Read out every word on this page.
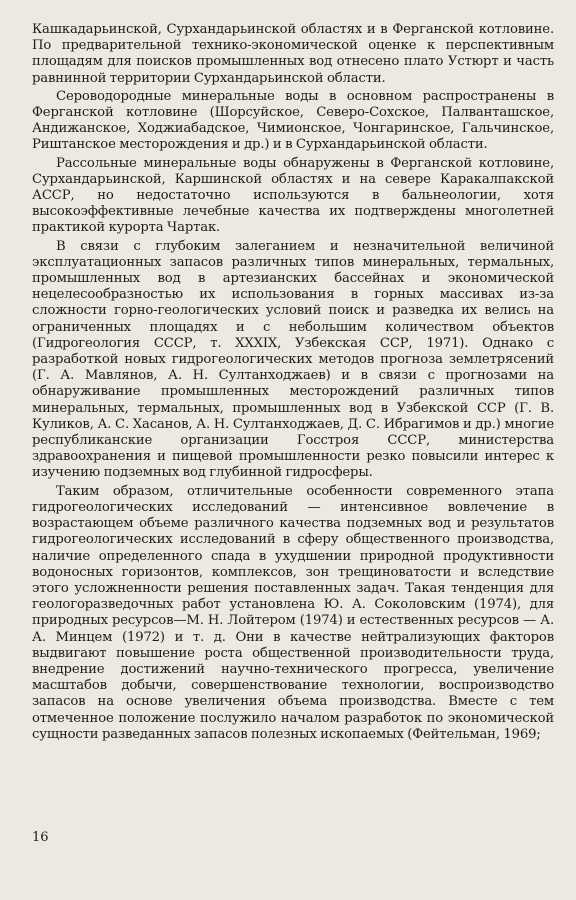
Кашкадарьинской, Сурхандарьинской областях и в Ферганской котловине. По предварительной технико-экономической оценке к перспективным площадям для поисков промышленных вод отнесено плато Устюрт и часть равнинной территории Сурхандарьинской области.

Сероводородные минеральные воды в основном распространены в Ферганской котловине (Шорсуйское, Северо-Сохское, Палванташское, Андижанское, Ходжиабадское, Чимионское, Чонгаринское, Гальчинское, Риштанское месторождения и др.) и в Сурхандарьинской области.

Рассольные минеральные воды обнаружены в Ферганской котловине, Сурхандарьинской, Каршинской областях и на севере Каракалпакской АССР, но недостаточно используются в бальнеологии, хотя высокоэффективные лечебные качества их подтверждены многолетней практикой курорта Чартак.

В связи с глубоким залеганием и незначительной величиной эксплуатационных запасов различных типов минеральных, термальных, промышленных вод в артезианских бассейнах и экономической нецелесообразностью их использования в горных массивах из-за сложности горно-геологических условий поиск и разведка их велись на ограниченных площадях и с небольшим количеством объектов (Гидрогеология СССР, т. XXXIX, Узбекская ССР, 1971). Однако с разработкой новых гидрогеологических методов прогноза землетрясений (Г. А. Мавлянов, А. Н. Султанходжаев) и в связи с прогнозами на обнаруживание промышленных месторождений различных типов минеральных, термальных, промышленных вод в Узбекской ССР (Г. В. Куликов, А. С. Хасанов, А. Н. Султанходжаев, Д. С. Ибрагимов и др.) многие республиканские организации Госстроя СССР, министерства здравоохранения и пищевой промышленности резко повысили интерес к изучению подземных вод глубинной гидросферы.

Таким образом, отличительные особенности современного этапа гидрогеологических исследований — интенсивное вовлечение в возрастающем объеме различного качества подземных вод и результатов гидрогеологических исследований в сферу общественного производства, наличие определенного спада в ухудшении природной продуктивности водоносных горизонтов, комплексов, зон трещиноватости и вследствие этого усложненности решения поставленных задач. Такая тенденция для геологоразведочных работ установлена Ю. А. Соколовским (1974), для природных ресурсов—М. Н. Лойтером (1974) и естественных ресурсов — А. А. Минцем (1972) и т. д. Они в качестве нейтрализующих факторов выдвигают повышение роста общественной производительности труда, внедрение достижений научно-технического прогресса, увеличение масштабов добычи, совершенствование технологии, воспроизводство запасов на основе увеличения объема производства. Вместе с тем отмеченное положение послужило началом разработок по экономической сущности разведанных запасов полезных ископаемых (Фейтельман, 1969;

16
